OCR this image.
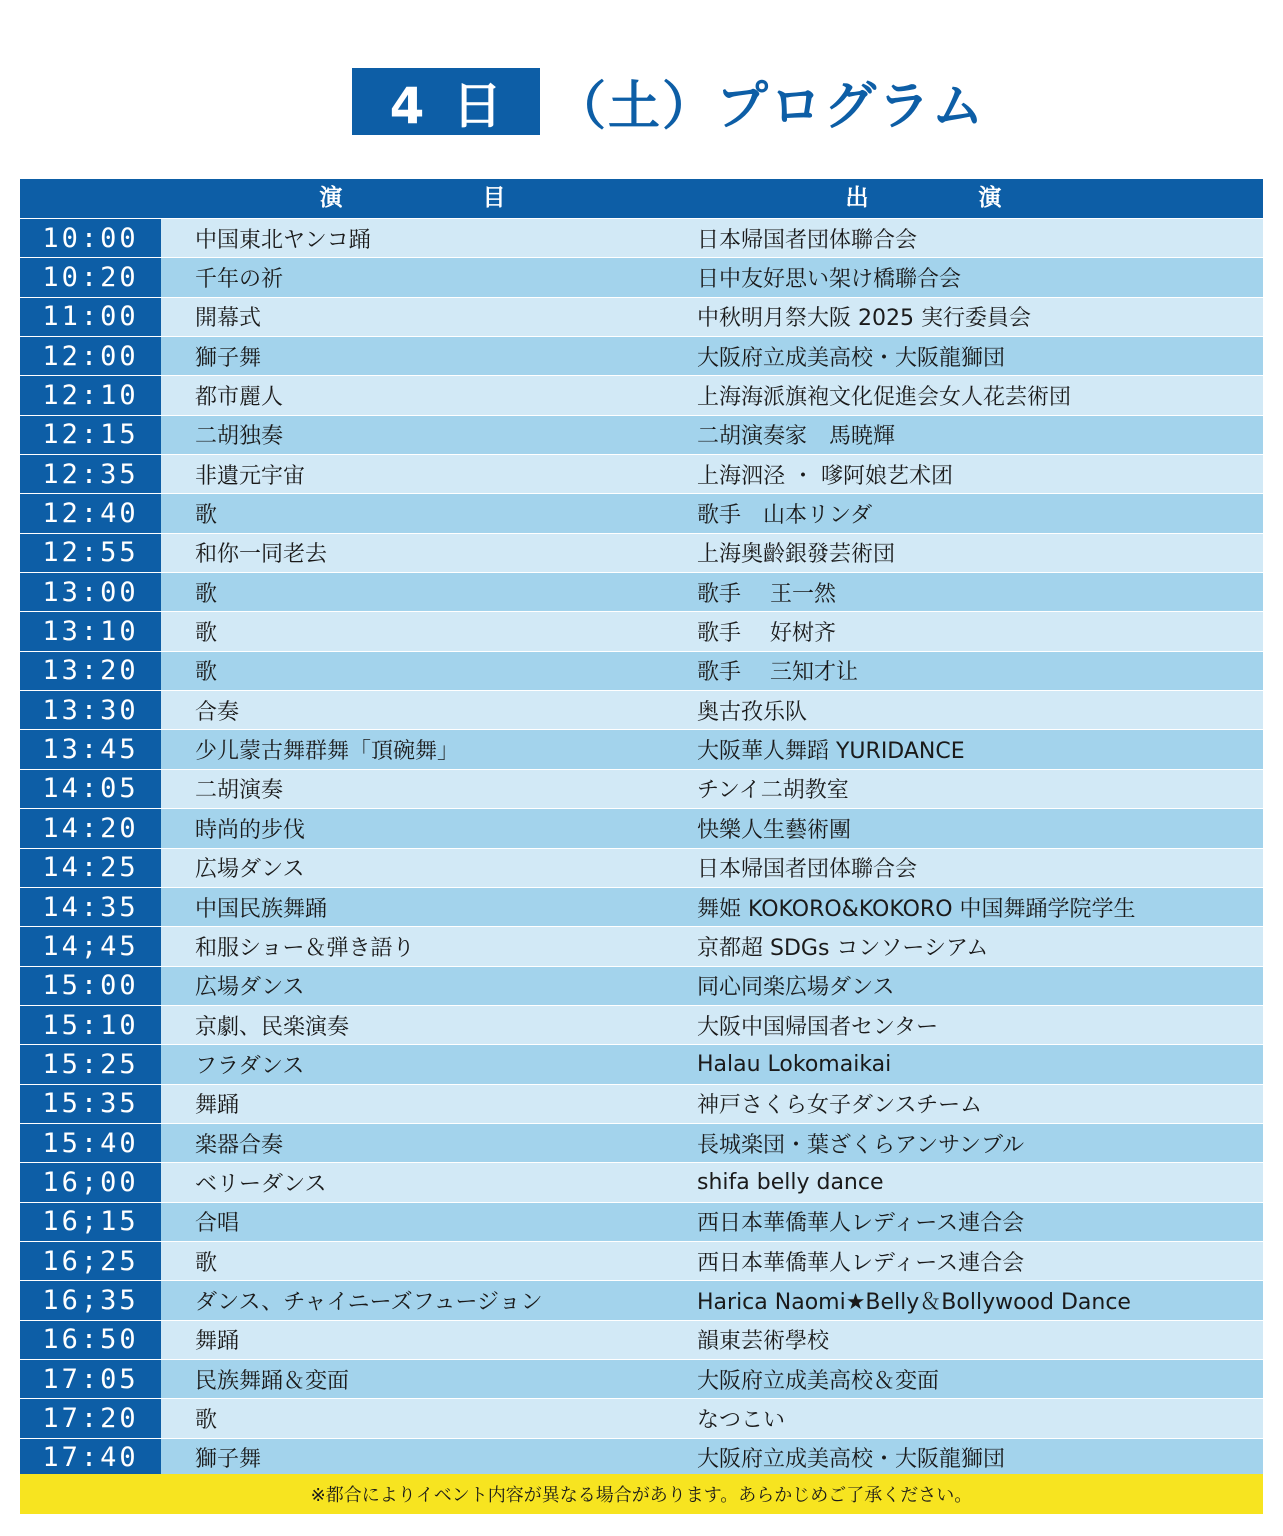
4日 （土）プログラム
演目	出演
10:00	中国東北ヤンコ踊	日本帰国者団体聯合会
10:20	千年の祈	日中友好思い架け橋聯合会
11:00	開幕式	中秋明月祭大阪 2025 実行委員会
12:00	獅子舞	大阪府立成美高校・大阪龍獅団
12:10	都市麗人	上海海派旗袍文化促進会女人花芸術団
12:15	二胡独奏	二胡演奏家　馬暁輝
12:35	非遺元宇宙	上海泗泾 ・ 嗲阿娘艺术团
12:40	歌	歌手　山本リンダ
12:55	和你一同老去	上海奥齡銀發芸術団
13:00	歌	歌手　 王一然
13:10	歌	歌手　 好树齐
13:20	歌	歌手　 三知才让
13:30	合奏	奥古孜乐队
13:45	少儿蒙古舞群舞「頂碗舞」	大阪華人舞蹈 YURIDANCE
14:05	二胡演奏	チンイ二胡教室
14:20	時尚的步伐	快樂人生藝術團
14:25	広場ダンス	日本帰国者団体聯合会
14:35	中国民族舞踊	舞姫 KOKORO&KOKORO 中国舞踊学院学生
14;45	和服ショー＆弾き語り	京都超 SDGs コンソーシアム
15:00	広場ダンス	同心同楽広場ダンス
15:10	京劇、民楽演奏	大阪中国帰国者センター
15:25	フラダンス	Halau Lokomaikai
15:35	舞踊	神戸さくら女子ダンスチーム
15:40	楽器合奏	長城楽団・葉ざくらアンサンブル
16;00	ベリーダンス	shifa belly dance
16;15	合唱	西日本華僑華人レディース連合会
16;25	歌	西日本華僑華人レディース連合会
16;35	ダンス、チャイニーズフュージョン	Harica Naomi★Belly＆Bollywood Dance
16:50	舞踊	韻東芸術學校
17:05	民族舞踊＆変面	大阪府立成美高校＆変面
17:20	歌	なつこい
17:40	獅子舞	大阪府立成美高校・大阪龍獅団
※都合によりイベント内容が異なる場合があります。あらかじめご了承ください。
